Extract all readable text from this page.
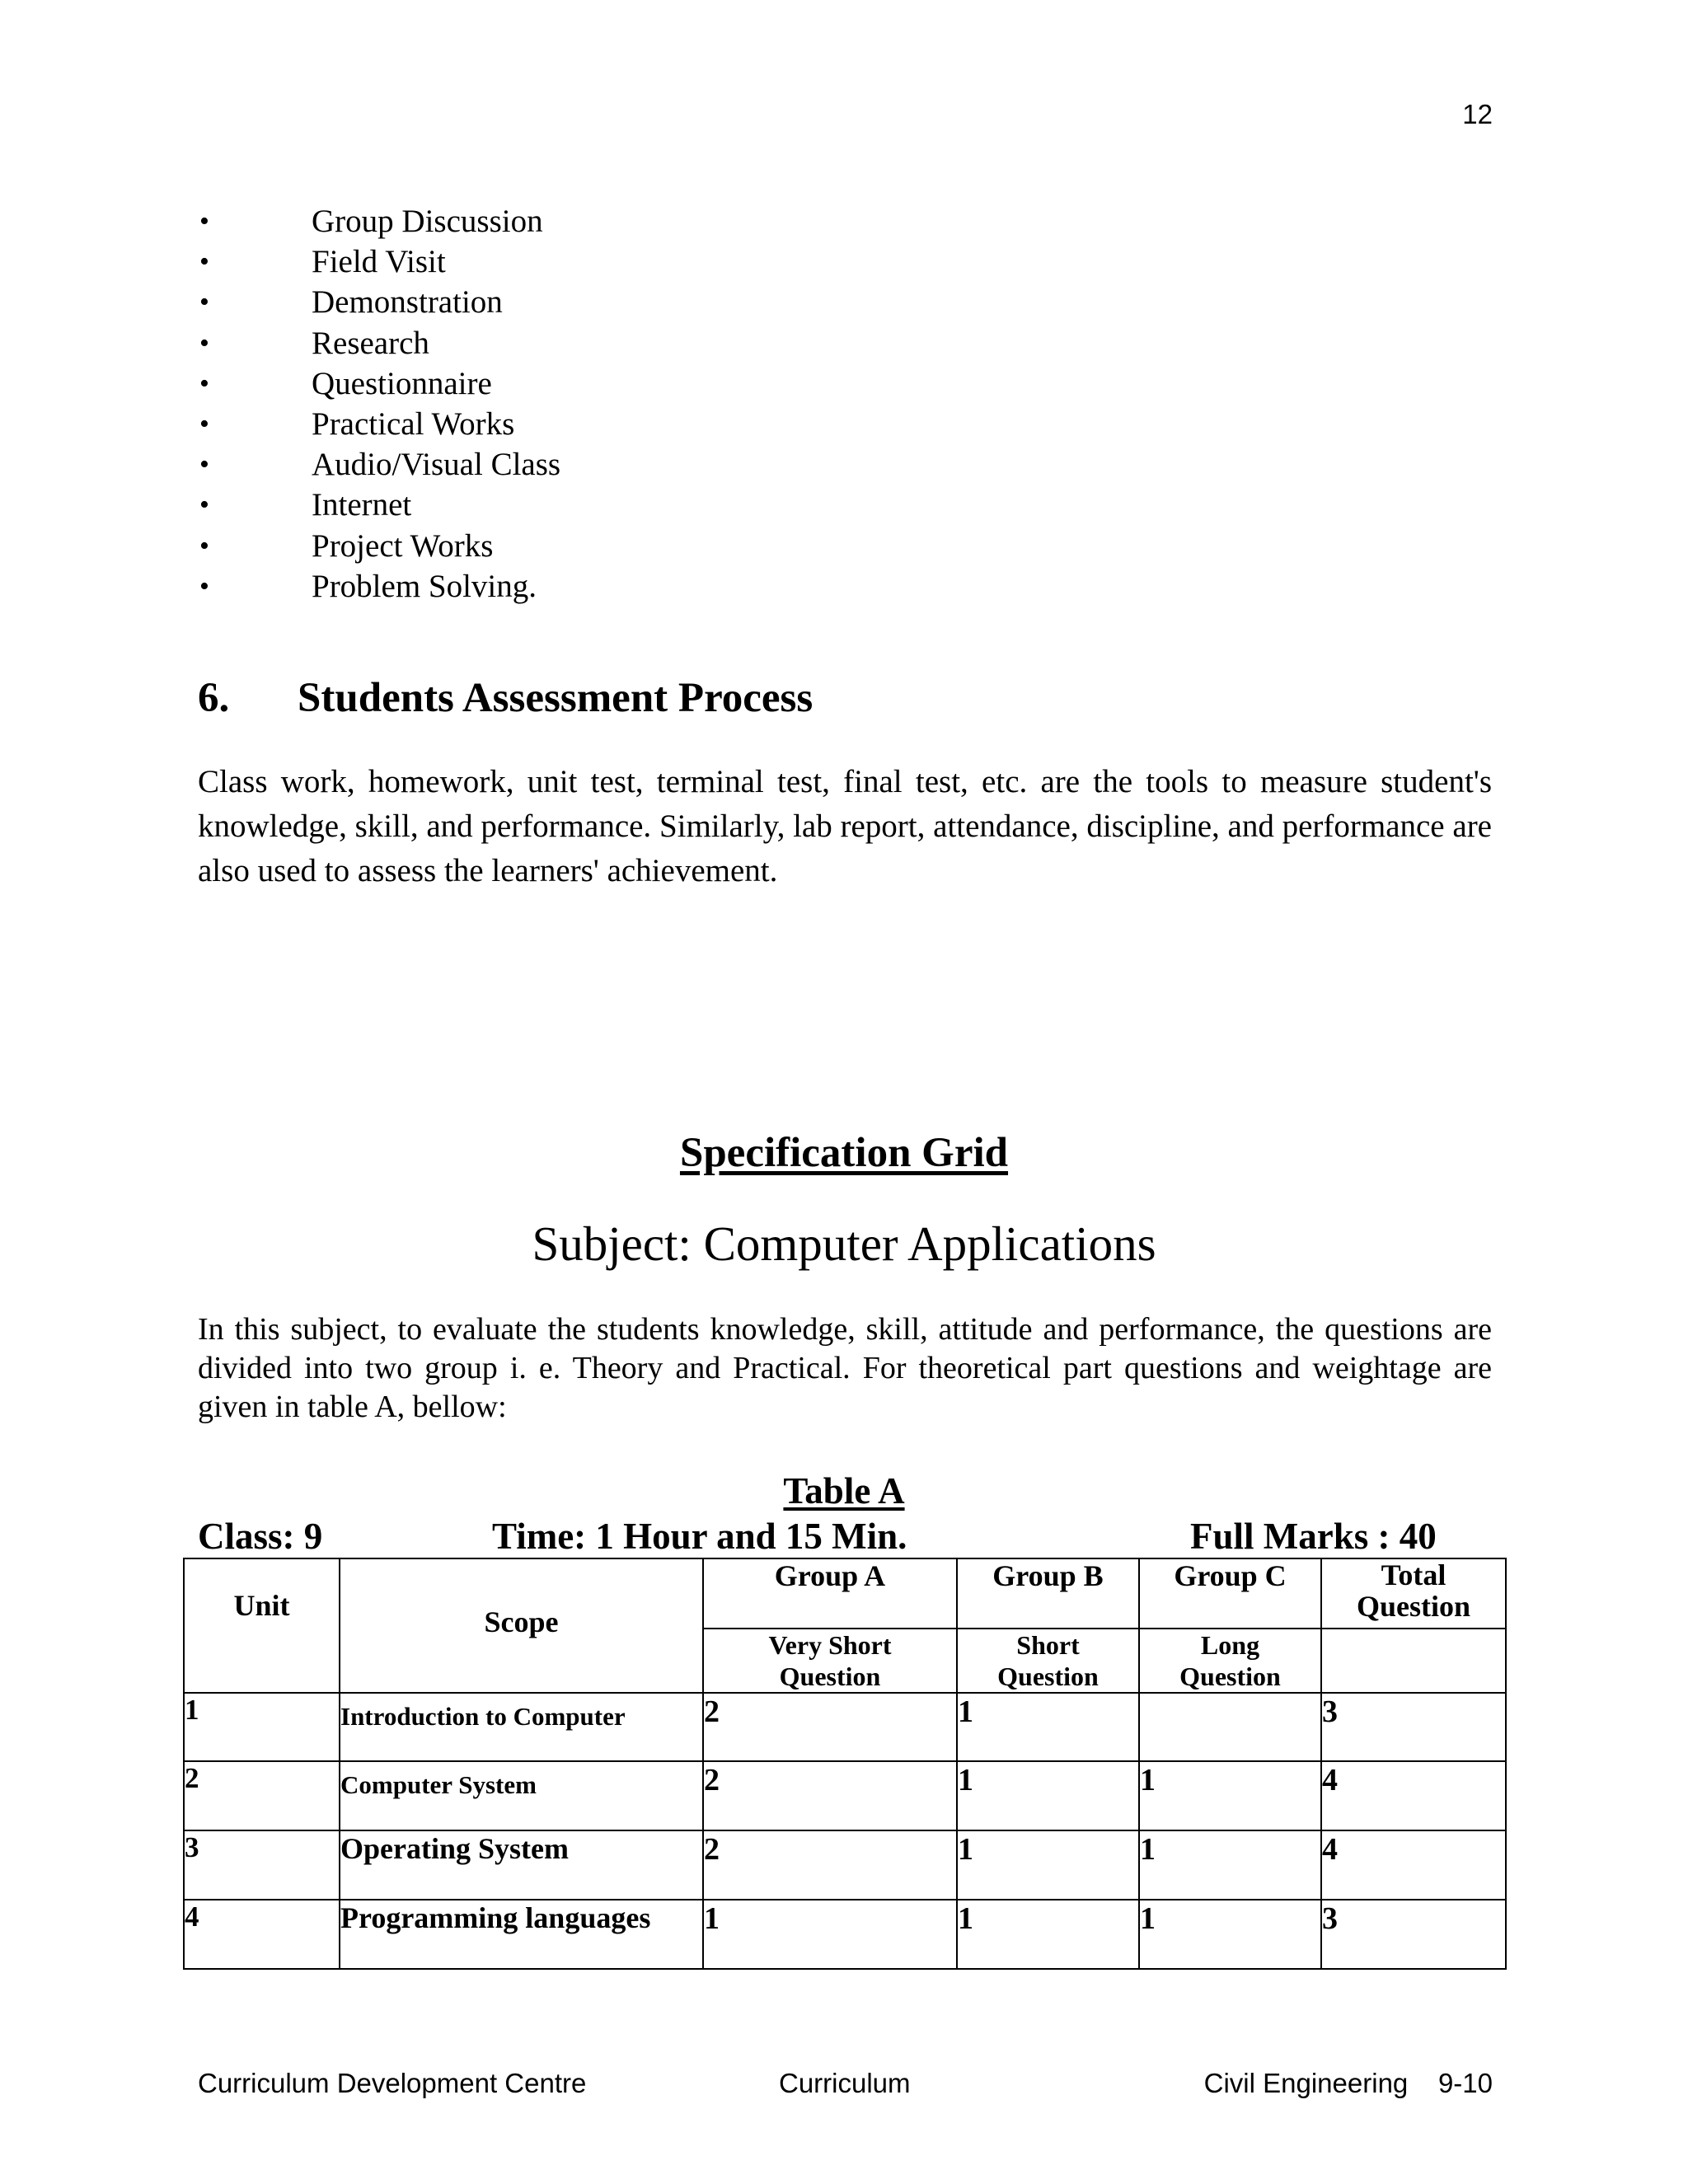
12
•	Group Discussion
•	Field Visit
•	Demonstration
•	Research
•	Questionnaire
•	Practical Works
•	Audio/Visual Class
•	Internet
•	Project Works
•	Problem Solving.
6. Students Assessment Process
Class work, homework, unit test, terminal test, final test, etc. are the tools to measure student's knowledge, skill, and performance. Similarly, lab report, attendance, discipline, and performance are also used to assess the learners' achievement.
Specification Grid
Subject: Computer Applications
In this subject, to evaluate the students knowledge, skill, attitude and performance, the questions are divided into two group i. e. Theory and Practical. For theoretical part questions and weightage are given in table A, bellow:
Table A
Class: 9	Time: 1 Hour and 15 Min.	Full Marks : 40
Unit	Scope	Group A	Group B	Group C	Total Question
		Very Short Question	Short Question	Long Question	
1	Introduction to Computer	2	1		3
2	Computer System	2	1	1	4
3	Operating System	2	1	1	4
4	Programming languages	1	1	1	3
Curriculum Development Centre	Curriculum	Civil Engineering    9-10
